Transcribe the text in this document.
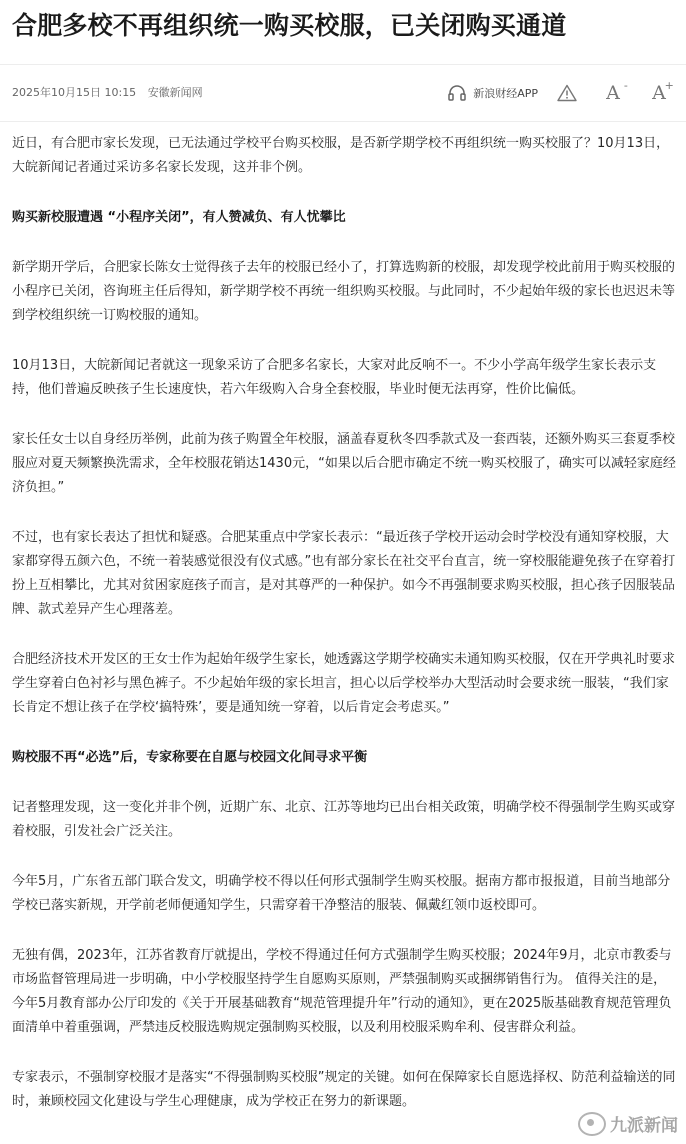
合肥多校不再组织统一购买校服，已关闭购买通道
2025年10月15日 10:15 安徽新闻网	新浪财经APP	A - A
+

近日，有合肥市家长发现，已无法通过学校平台购买校服，是否新学期学校不再组织统一购买校服了？10月13日，大皖新闻记者通过采访多名家长发现，这并非个例。

购买新校服遭遇 “小程序关闭”，有人赞减负、有人忧攀比

新学期开学后，合肥家长陈女士觉得孩子去年的校服已经小了，打算选购新的校服，却发现学校此前用于购买校服的小程序已关闭，咨询班主任后得知，新学期学校不再统一组织购买校服。与此同时，不少起始年级的家长也迟迟未等到学校组织统一订购校服的通知。

10月13日，大皖新闻记者就这一现象采访了合肥多名家长，大家对此反响不一。不少小学高年级学生家长表示支持，他们普遍反映孩子生长速度快，若六年级购入合身全套校服，毕业时便无法再穿，性价比偏低。

家长任女士以自身经历举例，此前为孩子购置全年校服，涵盖春夏秋冬四季款式及一套西装，还额外购买三套夏季校服应对夏天频繁换洗需求，全年校服花销达1430元，“如果以后合肥市确定不统一购买校服了，确实可以减轻家庭经济负担。”

不过，也有家长表达了担忧和疑惑。合肥某重点中学家长表示：“最近孩子学校开运动会时学校没有通知穿校服，大家都穿得五颜六色，不统一着装感觉很没有仪式感。”也有部分家长在社交平台直言，统一穿校服能避免孩子在穿着打扮上互相攀比，尤其对贫困家庭孩子而言，是对其尊严的一种保护。如今不再强制要求购买校服，担心孩子因服装品牌、款式差异产生心理落差。

合肥经济技术开发区的王女士作为起始年级学生家长，她透露这学期学校确实未通知购买校服，仅在开学典礼时要求学生穿着白色衬衫与黑色裤子。不少起始年级的家长坦言，担心以后学校举办大型活动时会要求统一服装，“我们家长肯定不想让孩子在学校‘搞特殊’，要是通知统一穿着，以后肯定会考虑买。”

购校服不再“必选”后，专家称要在自愿与校园文化间寻求平衡

记者整理发现，这一变化并非个例，近期广东、北京、江苏等地均已出台相关政策，明确学校不得强制学生购买或穿着校服，引发社会广泛关注。

今年5月，广东省五部门联合发文，明确学校不得以任何形式强制学生购买校服。据南方都市报报道，目前当地部分学校已落实新规，开学前老师便通知学生，只需穿着干净整洁的服装、佩戴红领巾返校即可。

无独有偶，2023年，江苏省教育厅就提出，学校不得通过任何方式强制学生购买校服；2024年9月，北京市教委与市场监督管理局进一步明确，中小学校服坚持学生自愿购买原则，严禁强制购买或捆绑销售行为。 值得关注的是，今年5月教育部办公厅印发的《关于开展基础教育“规范管理提升年”行动的通知》，更在2025版基础教育规范管理负面清单中着重强调，严禁违反校服选购规定强制购买校服，以及利用校服采购牟利、侵害群众利益。

专家表示，不强制穿校服才是落实“不得强制购买校服”规定的关键。如何在保障家长自愿选择权、防范利益输送的同时，兼顾校园文化建设与学生心理健康，成为学校正在努力的新课题。

九派新闻
